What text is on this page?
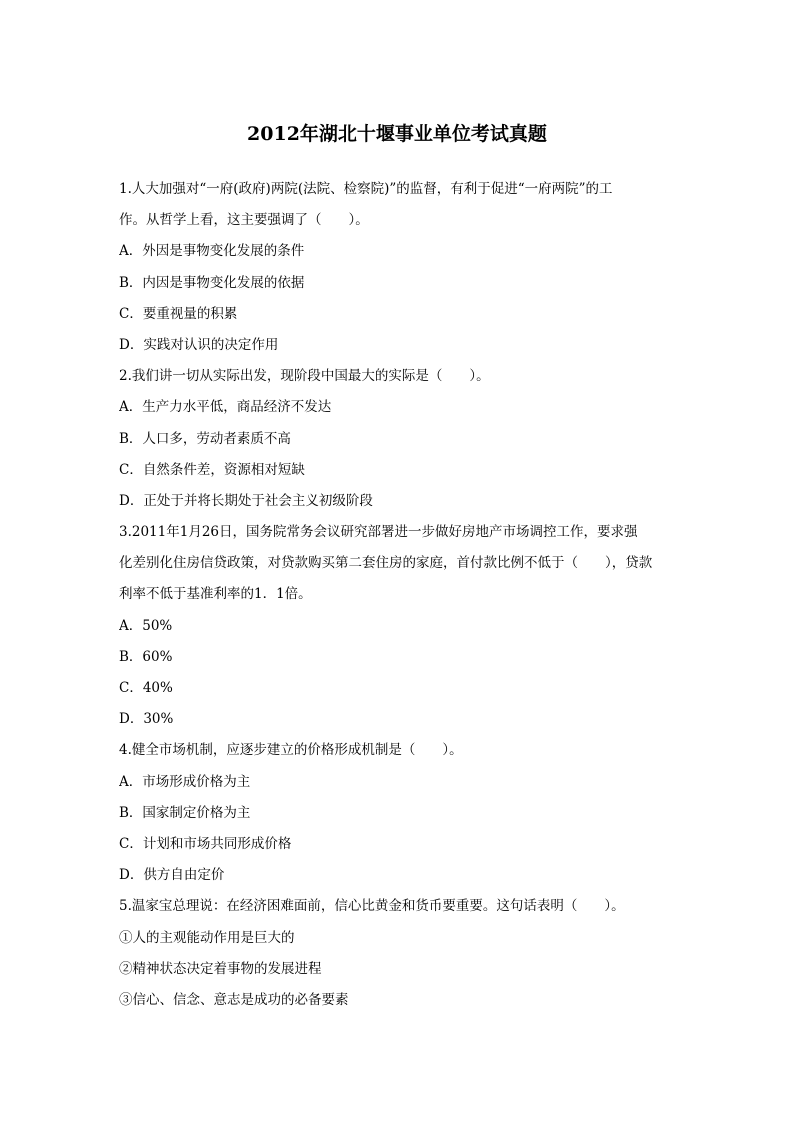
2012年湖北十堰事业单位考试真题
1.人大加强对“一府(政府)两院(法院、检察院)”的监督，有利于促进“一府两院”的工
作。从哲学上看，这主要强调了（　　）。
A．外因是事物变化发展的条件
B．内因是事物变化发展的依据
C．要重视量的积累
D．实践对认识的决定作用
2.我们讲一切从实际出发，现阶段中国最大的实际是（　　）。
A．生产力水平低，商品经济不发达
B．人口多，劳动者素质不高
C．自然条件差，资源相对短缺
D．正处于并将长期处于社会主义初级阶段
3.2011年1月26日，国务院常务会议研究部署进一步做好房地产市场调控工作，要求强
化差别化住房信贷政策，对贷款购买第二套住房的家庭，首付款比例不低于（　　），贷款
利率不低于基准利率的1．1倍。
A．50%
B．60%
C．40%
D．30%
4.健全市场机制，应逐步建立的价格形成机制是（　　）。
A．市场形成价格为主
B．国家制定价格为主
C．计划和市场共同形成价格
D．供方自由定价
5.温家宝总理说：在经济困难面前，信心比黄金和货币要重要。这句话表明（　　）。
①人的主观能动作用是巨大的
②精神状态决定着事物的发展进程
③信心、信念、意志是成功的必备要素
